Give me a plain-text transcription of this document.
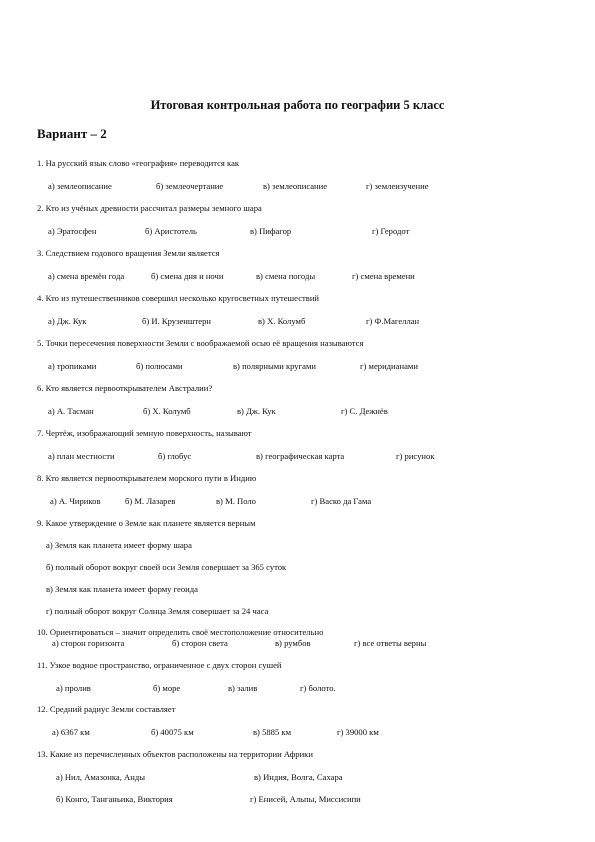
Итоговая контрольная работа по географии 5 класс
Вариант – 2
1. На русский язык слово «география» переводится как
а) землеописание	б) землеочертание	в) землеописание	г) землеизучение
2. Кто из учёных древности рассчитал размеры земного шара
а) Эратосфен	б) Аристотель	в) Пифагор	г) Геродот
3. Следствием годового вращения Земли является
а) смена времён года	б) смена дня и ночи	в) смена погоды	г) смена времени
4. Кто из путешественников совершил несколько кругосветных путешествий
а) Дж. Кук	б) И. Крузенштерн	в) Х. Колумб	г) Ф.Магеллан
5. Точки пересечения поверхности Земли с воображаемой осью её вращения называются
а) тропиками	б) полюсами	в) полярными кругами	г) меридианами
6. Кто является первооткрывателем Австралии?
а) А. Тасман	б) Х. Колумб	в) Дж. Кук	г) С. Дежнёв
7. Чертёж, изображающий земную поверхность, называют
а) план местности	б) глобус	в) географическая карта	г) рисунок
8. Кто является первооткрывателем морского пути в Индию
а) А. Чириков	б) М. Лазарев	в) М. Поло	г) Васко да Гама
9. Какое утверждение о Земле как планете является верным
а) Земля как планета имеет форму шара
б) полный оборот вокруг своей оси Земля совершает за 365 суток
в) Земля как планета имеет форму геоида
г) полный оборот вокруг Солнца Земля совершает за 24 часа
10. Ориентироваться – значит определить своё местоположение относительно
а) сторон горизонта	б) сторон света	в) румбов	г) все ответы верны
11. Узкое водное пространство, ограниченное с двух сторон сушей
а) пролив	б) море	в) залив	г) болото.
12. Средний радиус Земли составляет
а) 6367 км	б) 40075 км	в) 5885 км	г) 39000 км
13. Какие из перечисленных объектов расположены на территории Африки
а) Нил, Амазонка, Анды	в) Индия, Волга, Сахара
б) Конго, Танганьика, Виктория	г) Енисей, Альпы, Миссисипи
